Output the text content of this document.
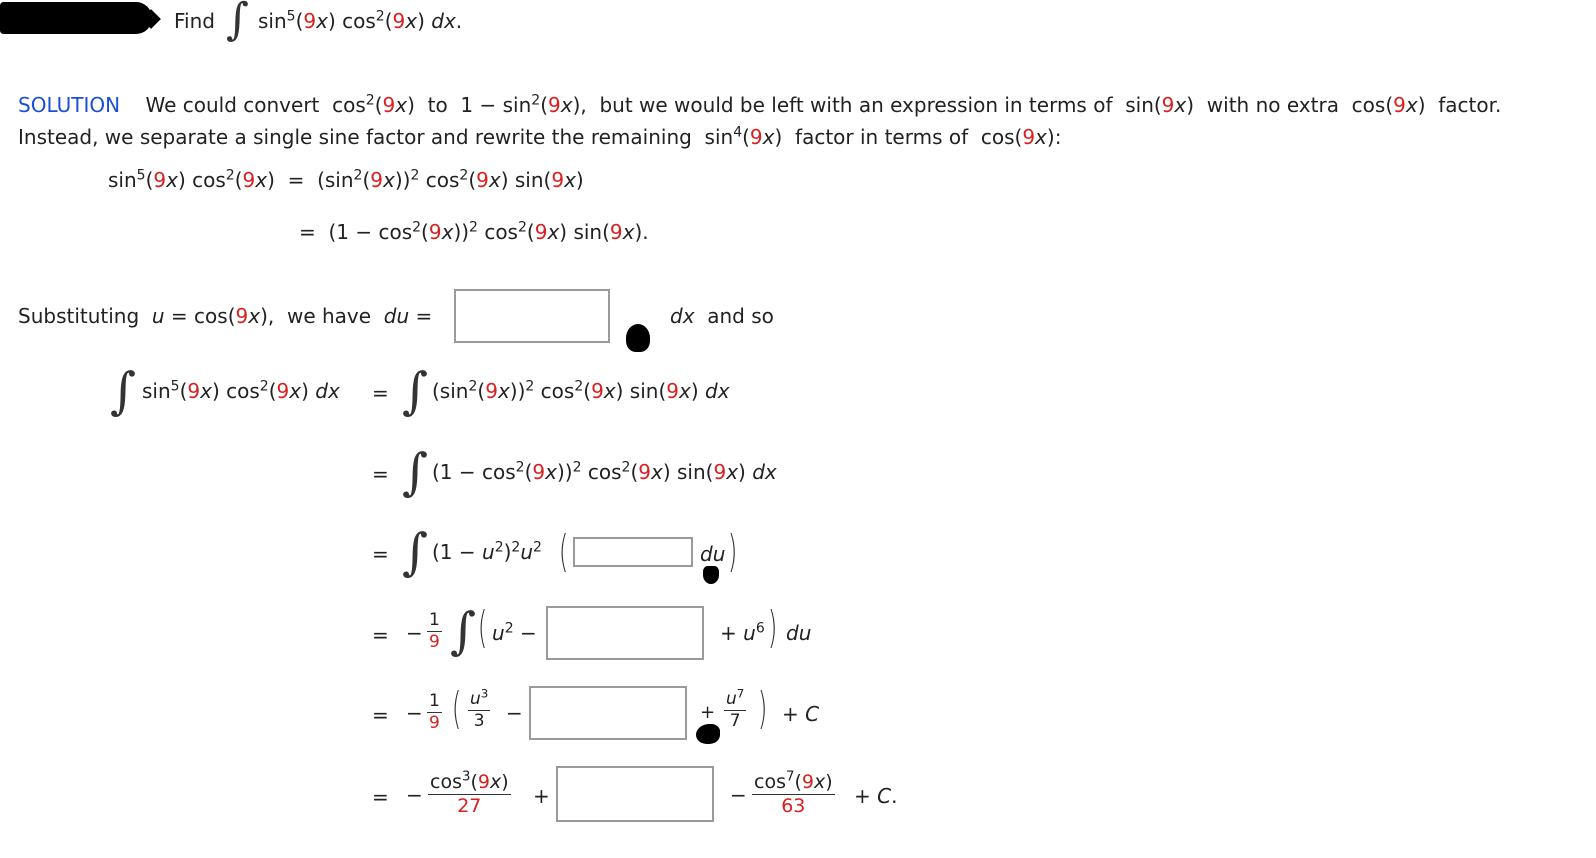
Find ∫ $\sin^5(9x)$ $\cos^2(9x)$ dx.
SOLUTION We could convert  $\cos^2(9x)$  to  $1 - \sin^2(9x)$,  but we would be left with an expression in terms of  sin(9x)  with no extra  cos(9x)  factor.
Instead, we separate a single sine factor and rewrite the remaining  $\sin^4(9x)$  factor in terms of  cos(9x):
$\sin^5(9x) \cos^2(9x) = (\sin^2(9x))^2$ $\cos^2(9x)$ sin(9x)
=  $(1 - \cos^2(9x))^2$ $\cos^2(9x)$ sin(9x).
Substituting u = cos(9x),  we have du =	dx and so
∫ $\sin^5(9x)$ $\cos^2(9x)$ dx = ∫ $(\sin^2(9x))^2$ $\cos^2(9x)$ sin(9x) dx
= ∫ $(1 - \cos^2(9x))^2$ $\cos^2(9x)$ sin(9x) dx
= ∫ $(1 - u^2)^2u^2$ (	du )
= − $\frac{1}{9}$ ∫ ( $u^2$ −	+ $u^6$ ) du
= − $\frac{1}{9}$ ( $\frac{u^3}{3}$ −	+ $\frac{u^7}{7}$ ) + C
= − $\frac{\cos^3(9x)}{27}$ +	− $\frac{\cos^7(9x)}{63} + C$.
